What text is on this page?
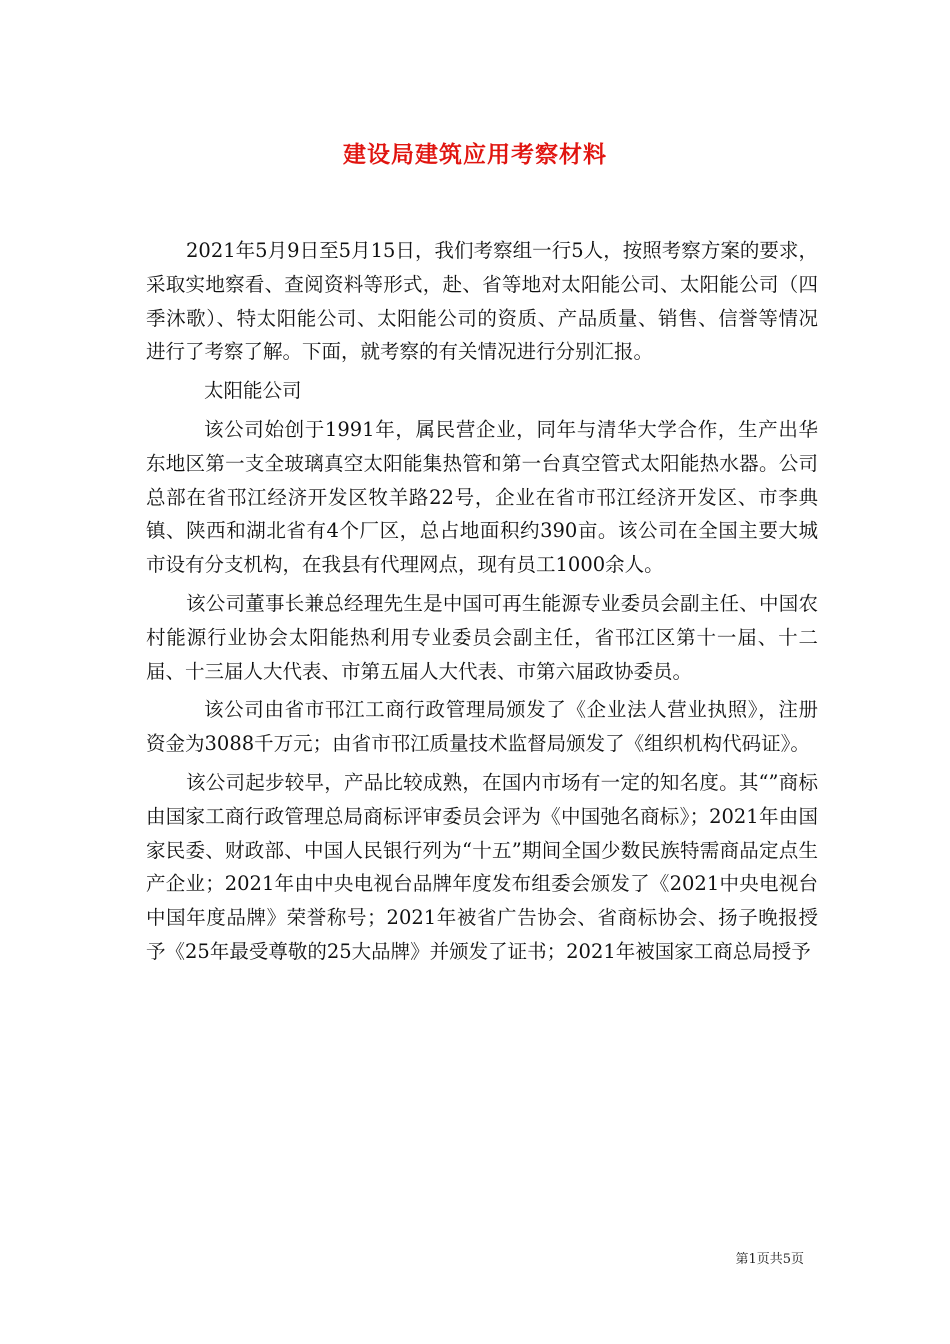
建设局建筑应用考察材料

2021年5月9日至5月15日，我们考察组一行5人，按照考察方案的要求，采取实地察看、查阅资料等形式，赴、省等地对太阳能公司、太阳能公司（四季沐歌）、特太阳能公司、太阳能公司的资质、产品质量、销售、信誉等情况进行了考察了解。下面，就考察的有关情况进行分别汇报。

太阳能公司

该公司始创于1991年，属民营企业，同年与清华大学合作，生产出华东地区第一支全玻璃真空太阳能集热管和第一台真空管式太阳能热水器。公司总部在省邗江经济开发区牧羊路22号，企业在省市邗江经济开发区、市李典镇、陕西和湖北省有4个厂区，总占地面积约390亩。该公司在全国主要大城市设有分支机构，在我县有代理网点，现有员工1000余人。

该公司董事长兼总经理先生是中国可再生能源专业委员会副主任、中国农村能源行业协会太阳能热利用专业委员会副主任，省邗江区第十一届、十二届、十三届人大代表、市第五届人大代表、市第六届政协委员。

该公司由省市邗江工商行政管理局颁发了《企业法人营业执照》，注册资金为3088千万元；由省市邗江质量技术监督局颁发了《组织机构代码证》。

该公司起步较早，产品比较成熟，在国内市场有一定的知名度。其“”商标由国家工商行政管理总局商标评审委员会评为《中国弛名商标》；2021年由国家民委、财政部、中国人民银行列为“十五”期间全国少数民族特需商品定点生产企业；2021年由中央电视台品牌年度发布组委会颁发了《2021中央电视台中国年度品牌》荣誉称号；2021年被省广告协会、省商标协会、扬子晚报授予《25年最受尊敬的25大品牌》并颁发了证书；2021年被国家工商总局授予

第1页共5页
